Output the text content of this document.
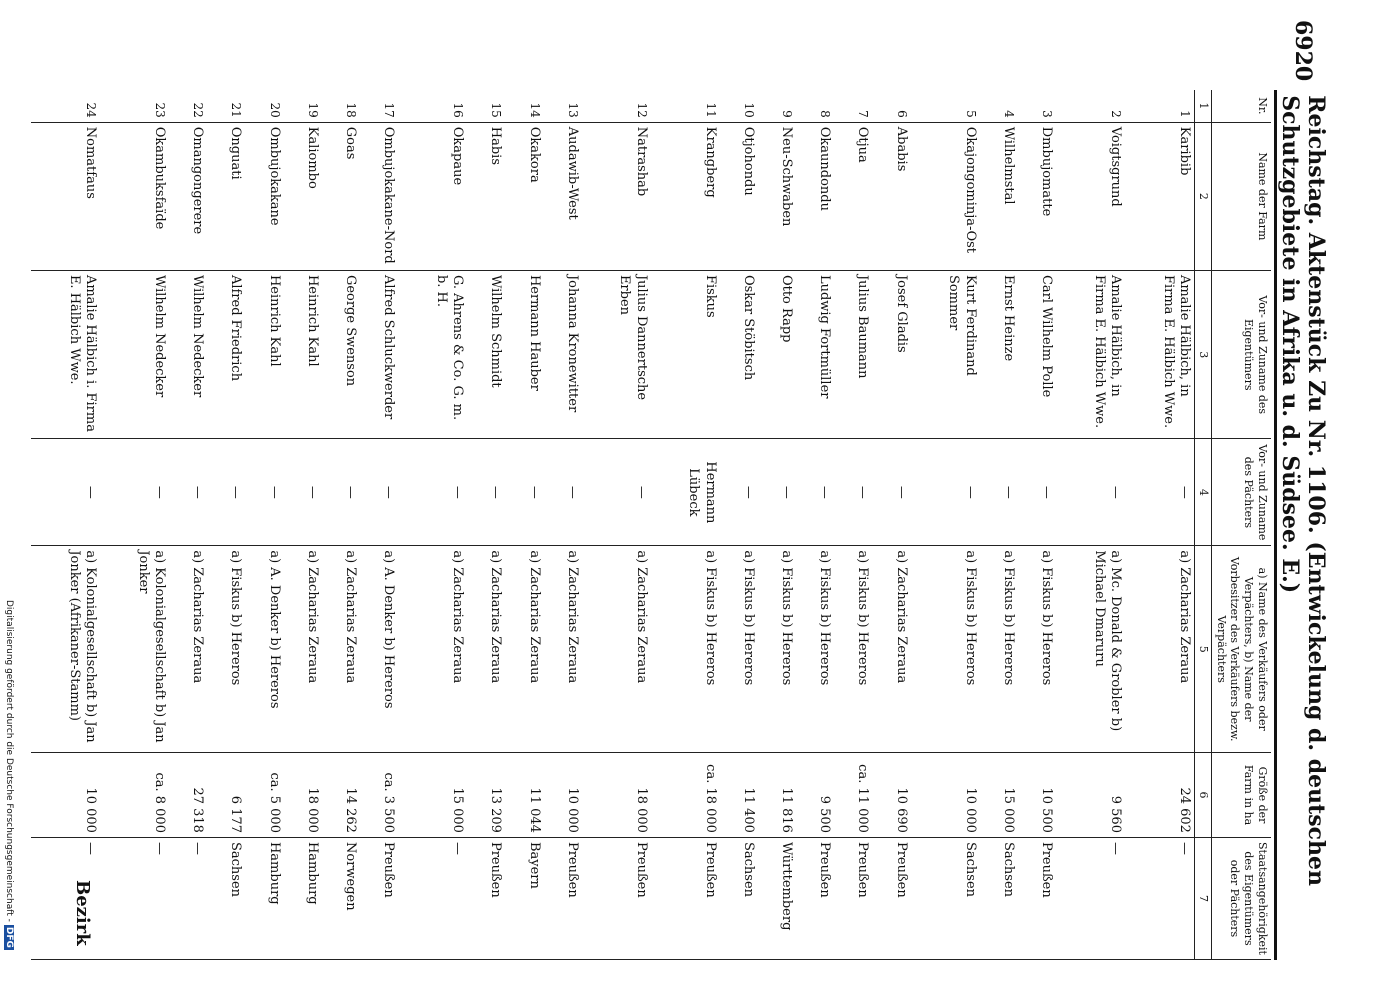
6920
Reichstag. Aktenstück Zu Nr. 1106. (Entwickelung d. deutschen Schutzgebiete in Afrika u. d. Südsee. E.)
Nr.	Name der Farm	Vor- und Zuname des Eigentümers	Vor- und Zuname des Pächters	a) Name des Verkäufers oder Verpächters, b) Name der Vorbesitzer des Verkäufers bezw. Verpächters	Größe der Farm in ha	Staatsangehörigkeit des Eigentümers oder Pächters
1	2	3	4	5	6	7
1	Karibib	Amalie Hälbich, in Firma E. Hälbich Wwe.	—	a) Zacharias Zeraua	24 602	—
2	Voigtsgrund	Amalie Hälbich, in Firma E. Hälbich Wwe.	—	a) Mc. Donald & Grobler b) Michael Dmaruru	9 560	—
3	Dmbujomatte	Carl Wilhelm Polle	—	a) Fiskus b) Hereros	10 500	Preußen
4	Wilhelmstal	Ernst Heinze	—	a) Fiskus b) Hereros	15 000	Sachsen
5	Okajongominja-Ost	Kurt Ferdinand Sommer	—	a) Fiskus b) Hereros	10 000	Sachsen
6	Ababis	Josef Gladis	—	a) Zacharias Zeraua	10 690	Preußen
7	Otjua	Julius Baumann	—	a) Fiskus b) Hereros	ca. 11 000	Preußen
8	Okaundondu	Ludwig Fortmüller	—	a) Fiskus b) Hereros	9 500	Preußen
9	Neu-Schwaben	Otto Rapp	—	a) Fiskus b) Hereros	11 816	Württemberg
10	Otjohondu	Oskar Stöbitsch	—	a) Fiskus b) Hereros	11 400	Sachsen
11	Krangberg	Fiskus	Hermann Lübeck	a) Fiskus b) Hereros	ca. 18 000	Preußen
12	Natrashab	Julius Dannertsche Erben	—	a) Zacharias Zeraua	18 000	Preußen
13	Audawib-West	Johanna Kronewitter	—	a) Zacharias Zeraua	10 000	Preußen
14	Okakora	Hermann Hauber	—	a) Zacharias Zeraua	11 044	Bayern
15	Habis	Wilhelm Schmidt	—	a) Zacharias Zeraua	13 209	Preußen
16	Okapaue	G. Ahrens & Co. G. m. b. H.	—	a) Zacharias Zeraua	15 000	—
17	Ombujokakane-Nord	Alfred Schluckwerder	—	a) A. Denker b) Hereros	ca. 3 500	Preußen
18	Goas	George Swenson	—	a) Zacharias Zeraua	14 262	Norwegen
19	Kaliombo	Heinrich Kahl	—	a) Zacharias Zeraua	18 000	Hamburg
20	Ombujokakane	Heinrich Kahl	—	a) A. Denker b) Hereros	ca. 5 000	Hamburg
21	Onguati	Alfred Friedrich	—	a) Fiskus b) Hereros	6 177	Sachsen
22	Omangongerere	Wilhelm Nedecker	—	a) Zacharias Zeraua	27 318	—
23	Okambuksfaïde	Wilhelm Nedecker	—	a) Kolonialgesellschaft b) Jan Jonker	ca. 8 000	—
24	Nomatfaus	Amalie Hälbich i. Firma E. Hälbich Wwe.	—	a) Kolonialgesellschaft b) Jan Jonker (Afrikaner-Stamm)	10 000	—
Bezirk
Digitalisierung gefördert durch die Deutsche Forschungsgemeinschaft -DFG
